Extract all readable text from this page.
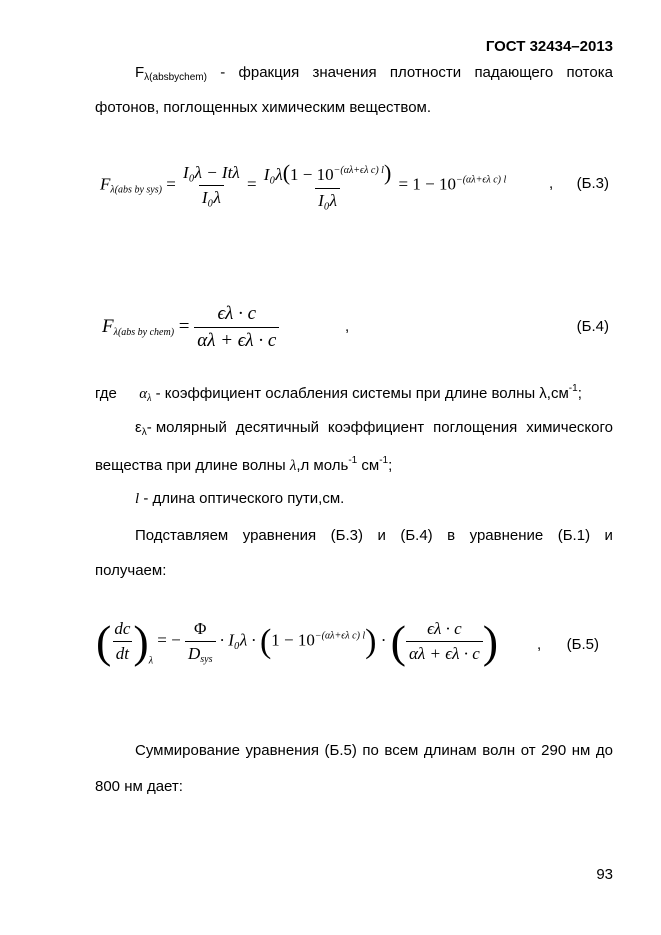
ГОСТ 32434–2013
$F_{\lambda(absbychem)}$ - фракция значения плотности падающего потока
фотонов, поглощенных химическим веществом.
$F_{\lambda(abs by sys)} = \frac{\text{I₀λ − Itλ}}{\text{I₀λ}} = \frac{I_0\lambda(1 - 10^{-(\alpha\lambda+\epsilon\lambda c) l})}{\text{I₀λ}} = 1 - 10^{-(\alpha\lambda+\epsilon\lambda c) l}$	, (Б.3)
$F_{\lambda(abs by chem)} = \frac{\epsilon\lambda \cdot c}{\alpha\lambda + \epsilon\lambda \cdot c}$	,	(Б.4)
где $\alpha_\lambda$ - коэффициент ослабления системы при длине волны $\lambda,см^{-1}$;
$\varepsilon_\lambda-$ молярный десятичный коэффициент поглощения химического
вещества при длине волны λ,л моль$^{-1}$ $см^{-1}$;
l - длина оптического пути,см.
Подставляем уравнения (Б.3) и (Б.4) в уравнение (Б.1) и
получаем:
( $\frac{dc}{dt} )_\lambda$ = − $\frac{\Phi}{D_{sys}} \cdot I_0\lambda \cdot (1 - 10^{-(\alpha\lambda+\epsilon\lambda c) l})$ · ( $\frac{\epsilon\lambda \cdot c}{\alpha\lambda + \epsilon\lambda \cdot c}$ )	, (Б.5)
Суммирование уравнения (Б.5) по всем длинам волн от 290 нм до
800 нм дает:
93
